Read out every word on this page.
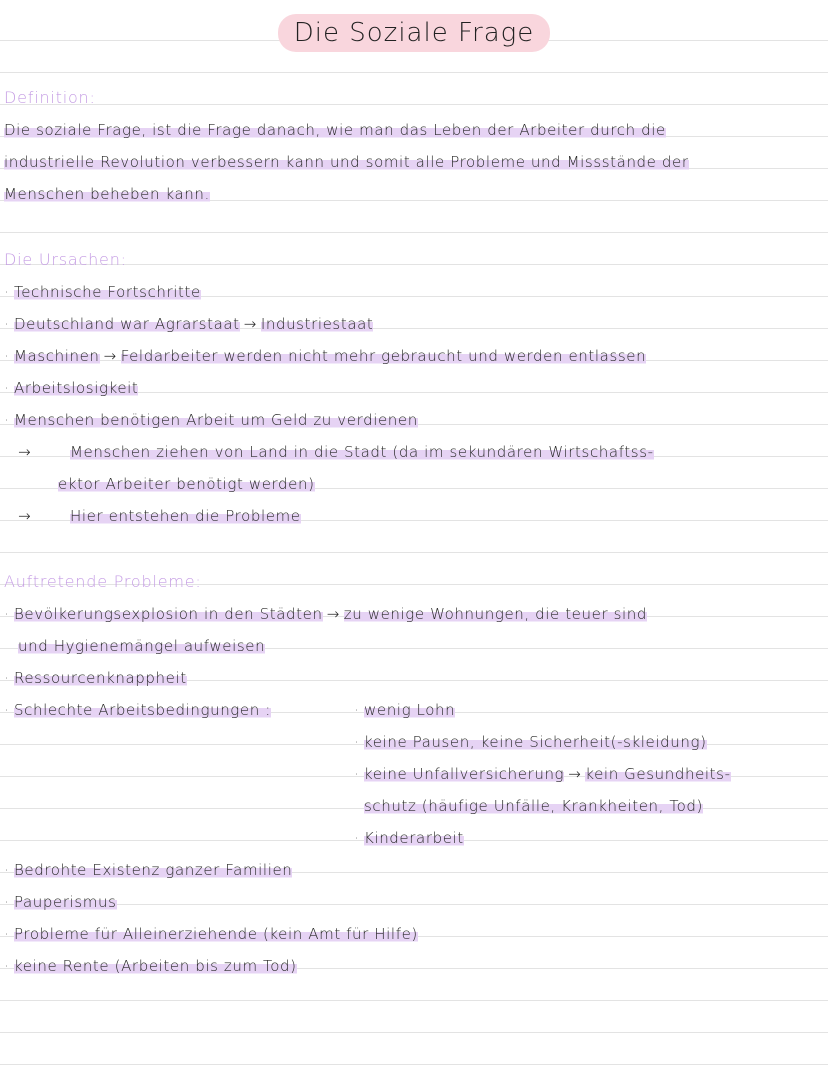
Die Soziale Frage
Definition:
Die soziale Frage, ist die Frage danach, wie man das Leben der Arbeiter durch die
industrielle Revolution verbessern kann und somit alle Probleme und Missstände der
Menschen beheben kann.
Die Ursachen:
· Technische Fortschritte
· Deutschland war Agrarstaat → Industriestaat
· Maschinen → Feldarbeiter werden nicht mehr gebraucht und werden entlassen
· Arbeitslosigkeit
· Menschen benötigen Arbeit um Geld zu verdienen
→	Menschen ziehen von Land in die Stadt (da im sekundären Wirtschaftss-
ektor Arbeiter benötigt werden)
→	Hier entstehen die Probleme
Auftretende Probleme:
· Bevölkerungsexplosion in den Städten → zu wenige Wohnungen, die teuer sind
und Hygienemängel aufweisen
· Ressourcenknappheit
· Schlechte Arbeitsbedingungen :	· wenig Lohn
· keine Pausen, keine Sicherheit(-skleidung)
· keine Unfallversicherung → kein Gesundheits-
schutz (häufige Unfälle, Krankheiten, Tod)
· Kinderarbeit
· Bedrohte Existenz ganzer Familien
· Pauperismus
· Probleme für Alleinerziehende (kein Amt für Hilfe)
· keine Rente (Arbeiten bis zum Tod)
